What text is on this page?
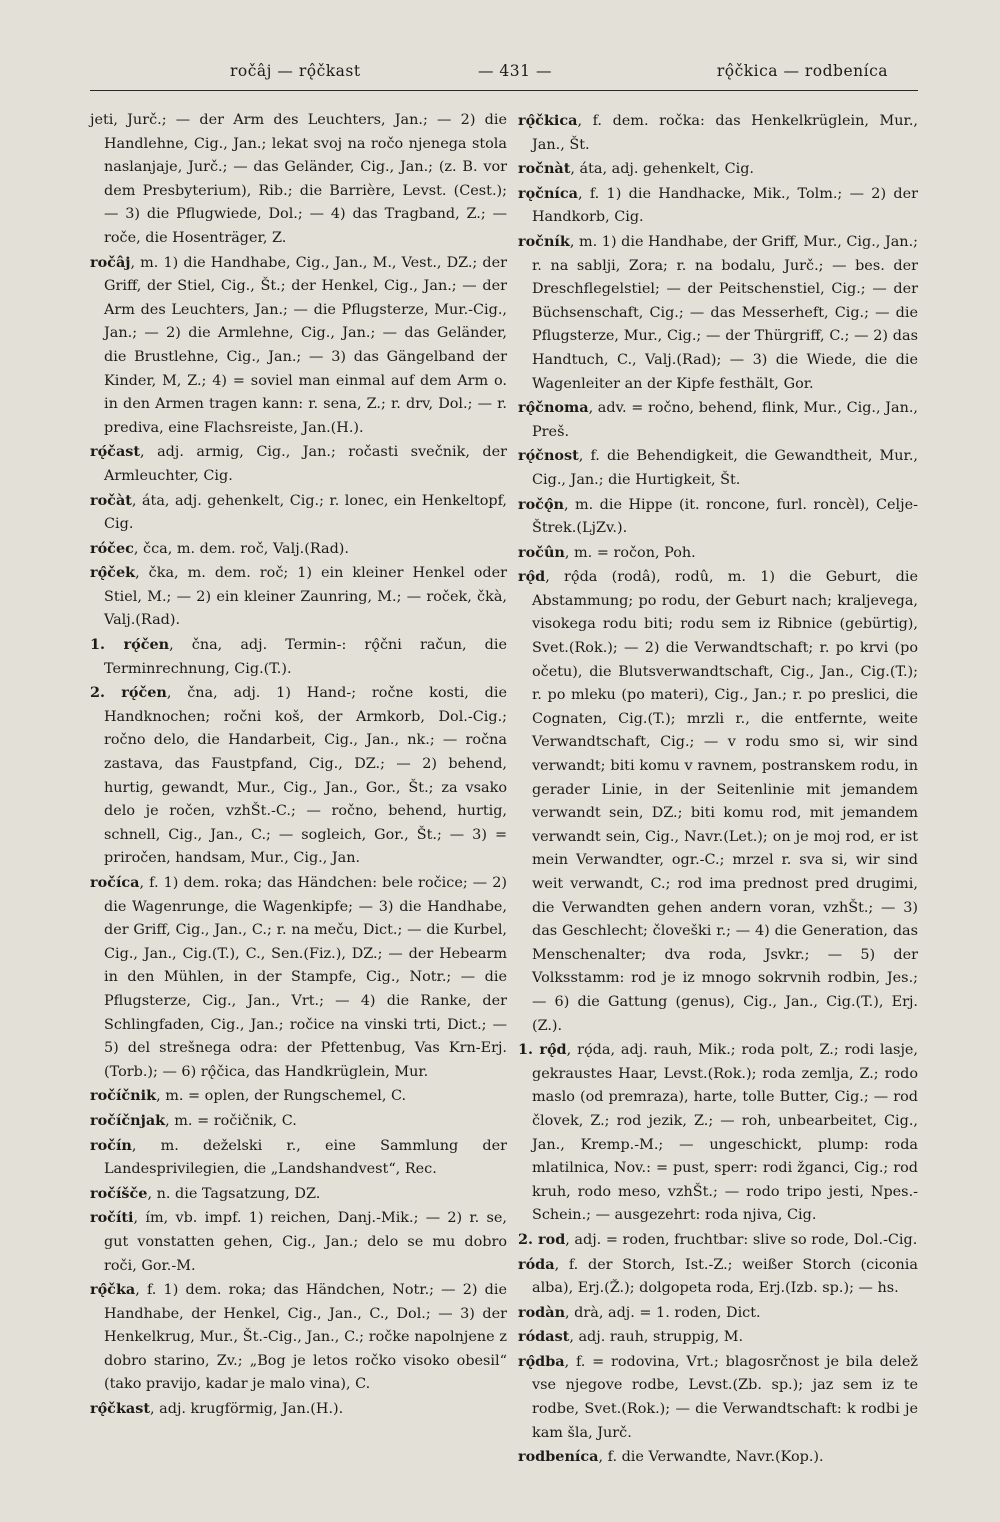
ročâj — rǫ̂čkast	— 431 —	rǫ̂čkica — rodbeníca

jeti, Jurč.; — der Arm des Leuchters, Jan.; — 2) die Handlehne, Cig., Jan.; lekat svoj na ročo njenega stola naslanjaje, Jurč.; — das Geländer, Cig., Jan.; (z. B. vor dem Presbyterium), Rib.; die Barrière, Levst. (Cest.); — 3) die Pflugwiede, Dol.; — 4) das Tragband, Z.; — roče, die Hosenträger, Z.

ročâj, m. 1) die Handhabe, Cig., Jan., M., Vest., DZ.; der Griff, der Stiel, Cig., Št.; der Henkel, Cig., Jan.; — der Arm des Leuchters, Jan.; — die Pflugsterze, Mur.-Cig., Jan.; — 2) die Armlehne, Cig., Jan.; — das Geländer, die Brustlehne, Cig., Jan.; — 3) das Gängelband der Kinder, M, Z.; 4) = soviel man einmal auf dem Arm o. in den Armen tragen kann: r. sena, Z.; r. drv, Dol.; — r. prediva, eine Flachsreiste, Jan.(H.).

rǫ́čast, adj. armig, Cig., Jan.; ročasti svečnik, der Armleuchter, Cig.

ročàt, áta, adj. gehenkelt, Cig.; r. lonec, ein Henkeltopf, Cig.

róčec, čca, m. dem. roč, Valj.(Rad).

rǫ̂ček, čka, m. dem. roč; 1) ein kleiner Henkel oder Stiel, M.; — 2) ein kleiner Zaunring, M.; — roček, čkà, Valj.(Rad).

1. rǫ́čen, čna, adj. Termin-: rǫ̂čni račun, die Terminrechnung, Cig.(T.).

2. rǫ́čen, čna, adj. 1) Hand-; ročne kosti, die Handknochen; ročni koš, der Armkorb, Dol.-Cig.; ročno delo, die Handarbeit, Cig., Jan., nk.; — ročna zastava, das Faustpfand, Cig., DZ.; — 2) behend, hurtig, gewandt, Mur., Cig., Jan., Gor., Št.; za vsako delo je ročen, vzhŠt.-C.; — ročno, behend, hurtig, schnell, Cig., Jan., C.; — sogleich, Gor., Št.; — 3) = priročen, handsam, Mur., Cig., Jan.

ročíca, f. 1) dem. roka; das Händchen: bele ročice; — 2) die Wagenrunge, die Wagenkipfe; — 3) die Handhabe, der Griff, Cig., Jan., C.; r. na meču, Dict.; — die Kurbel, Cig., Jan., Cig.(T.), C., Sen.(Fiz.), DZ.; — der Hebearm in den Mühlen, in der Stampfe, Cig., Notr.; — die Pflugsterze, Cig., Jan., Vrt.; — 4) die Ranke, der Schlingfaden, Cig., Jan.; ročice na vinski trti, Dict.; — 5) del strešnega odra: der Pfettenbug, Vas Krn-Erj.(Torb.); — 6) rǫ̂čica, das Handkrüglein, Mur.

ročíčnik, m. = oplen, der Rungschemel, C.

ročíčnjak, m. = ročičnik, C.

ročín, m. deželski r., eine Sammlung der Landesprivilegien, die „Landshandvest“, Rec.

ročíšče, n. die Tagsatzung, DZ.

ročíti, ím, vb. impf. 1) reichen, Danj.-Mik.; — 2) r. se, gut vonstatten gehen, Cig., Jan.; delo se mu dobro roči, Gor.-M.

rǫ̂čka, f. 1) dem. roka; das Händchen, Notr.; — 2) die Handhabe, der Henkel, Cig., Jan., C., Dol.; — 3) der Henkelkrug, Mur., Št.-Cig., Jan., C.; ročke napolnjene z dobro starino, Zv.; „Bog je letos ročko visoko obesil“ (tako pravijo, kadar je malo vina), C.

rǫ̂čkast, adj. krugförmig, Jan.(H.).

rǫ̂čkica, f. dem. ročka: das Henkelkrüglein, Mur., Jan., Št.

ročnàt, áta, adj. gehenkelt, Cig.

rǫčníca, f. 1) die Handhacke, Mik., Tolm.; — 2) der Handkorb, Cig.

ročník, m. 1) die Handhabe, der Griff, Mur., Cig., Jan.; r. na sablji, Zora; r. na bodalu, Jurč.; — bes. der Dreschflegelstiel; — der Peitschenstiel, Cig.; — der Büchsenschaft, Cig.; — das Messerheft, Cig.; — die Pflugsterze, Mur., Cig.; — der Thürgriff, C.; — 2) das Handtuch, C., Valj.(Rad); — 3) die Wiede, die die Wagenleiter an der Kipfe festhält, Gor.

rǫ̂čnoma, adv. = ročno, behend, flink, Mur., Cig., Jan., Preš.

rǫ́čnost, f. die Behendigkeit, die Gewandtheit, Mur., Cig., Jan.; die Hurtigkeit, Št.

ročǫ̂n, m. die Hippe (it. roncone, furl. roncèl), Celje-Štrek.(LjZv.).

ročûn, m. = ročon, Poh.

rǫ̂d, rǫ̂da (rodâ), rodû, m. 1) die Geburt, die Abstammung; po rodu, der Geburt nach; kraljevega, visokega rodu biti; rodu sem iz Ribnice (gebürtig), Svet.(Rok.); — 2) die Verwandtschaft; r. po krvi (po očetu), die Blutsverwandtschaft, Cig., Jan., Cig.(T.); r. po mleku (po materi), Cig., Jan.; r. po preslici, die Cognaten, Cig.(T.); mrzli r., die entfernte, weite Verwandtschaft, Cig.; — v rodu smo si, wir sind verwandt; biti komu v ravnem, postranskem rodu, in gerader Linie, in der Seitenlinie mit jemandem verwandt sein, DZ.; biti komu rod, mit jemandem verwandt sein, Cig., Navr.(Let.); on je moj rod, er ist mein Verwandter, ogr.-C.; mrzel r. sva si, wir sind weit verwandt, C.; rod ima prednost pred drugimi, die Verwandten gehen andern voran, vzhŠt.; — 3) das Geschlecht; človeški r.; — 4) die Generation, das Menschenalter; dva roda, Jsvkr.; — 5) der Volksstamm: rod je iz mnogo sokrvnih rodbin, Jes.; — 6) die Gattung (genus), Cig., Jan., Cig.(T.), Erj.(Z.).

1. rǫ̂d, rǫ́da, adj. rauh, Mik.; roda polt, Z.; rodi lasje, gekraustes Haar, Levst.(Rok.); roda zemlja, Z.; rodo maslo (od premraza), harte, tolle Butter, Cig.; — rod človek, Z.; rod jezik, Z.; — roh, unbearbeitet, Cig., Jan., Kremp.-M.; — ungeschickt, plump: roda mlatilnica, Nov.: = pust, sperr: rodi žganci, Cig.; rod kruh, rodo meso, vzhŠt.; — rodo tripo jesti, Npes.-Schein.; — ausgezehrt: roda njiva, Cig.

2. rod, adj. = roden, fruchtbar: slive so rode, Dol.-Cig.

róda, f. der Storch, Ist.-Z.; weißer Storch (ciconia alba), Erj.(Ž.); dolgopeta roda, Erj.(Izb. sp.); — hs.

rodàn, drà, adj. = 1. roden, Dict.

ródast, adj. rauh, struppig, M.

rǫ̂dba, f. = rodovina, Vrt.; blagosrčnost je bila delež vse njegove rodbe, Levst.(Zb. sp.); jaz sem iz te rodbe, Svet.(Rok.); — die Verwandtschaft: k rodbi je kam šla, Jurč.

rodbeníca, f. die Verwandte, Navr.(Kop.).
